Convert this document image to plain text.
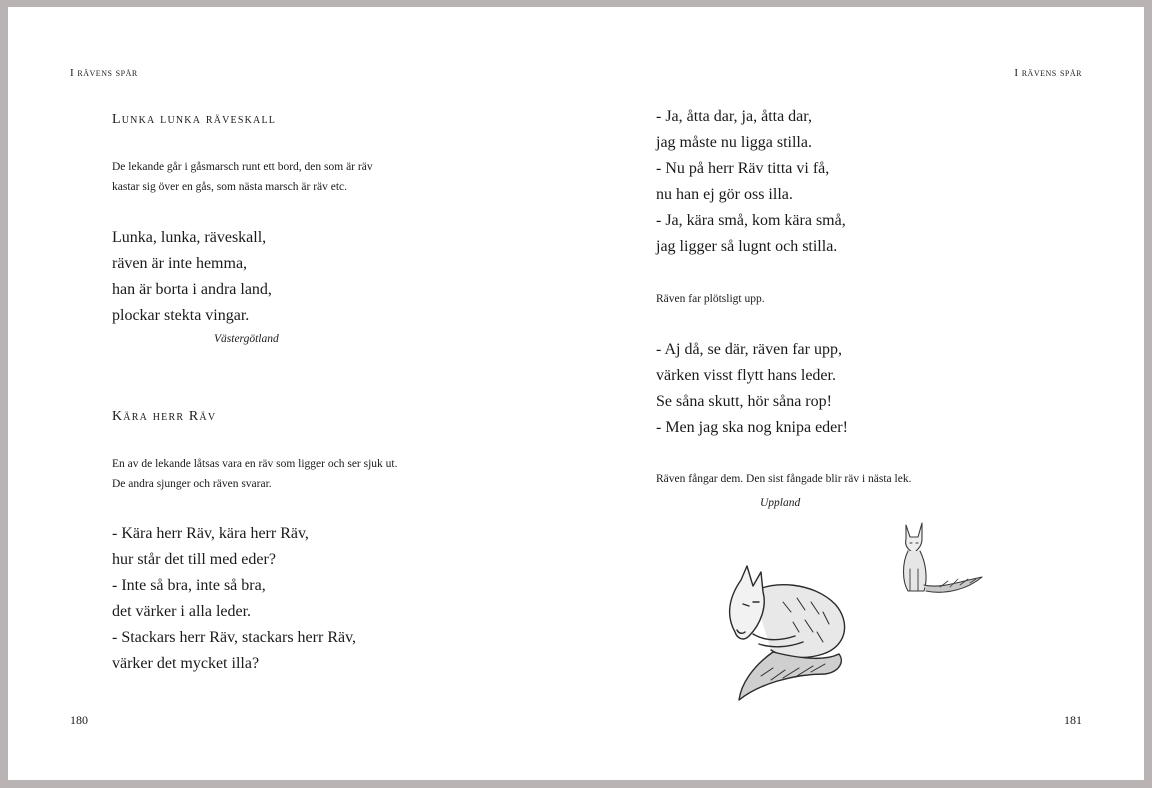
I rävens spår
Lunka lunka räveskall
De lekande går i gåsmarsch runt ett bord, den som är räv
kastar sig över en gås, som nästa marsch är räv etc.
Lunka, lunka, räveskall,
räven är inte hemma,
han är borta i andra land,
plockar stekta vingar.
Västergötland
Kära herr Räv
En av de lekande låtsas vara en räv som ligger och ser sjuk ut.
De andra sjunger och räven svarar.
- Kära herr Räv, kära herr Räv,
hur står det till med eder?
- Inte så bra, inte så bra,
det värker i alla leder.
- Stackars herr Räv, stackars herr Räv,
värker det mycket illa?
180
I rävens spår
- Ja, åtta dar, ja, åtta dar,
jag måste nu ligga stilla.
- Nu på herr Räv titta vi få,
nu han ej gör oss illa.
- Ja, kära små, kom kära små,
jag ligger så lugnt och stilla.
Räven far plötsligt upp.
- Aj då, se där, räven far upp,
värken visst flytt hans leder.
Se såna skutt, hör såna rop!
- Men jag ska nog knipa eder!
Räven fångar dem. Den sist fångade blir räv i nästa lek.
Uppland
181
